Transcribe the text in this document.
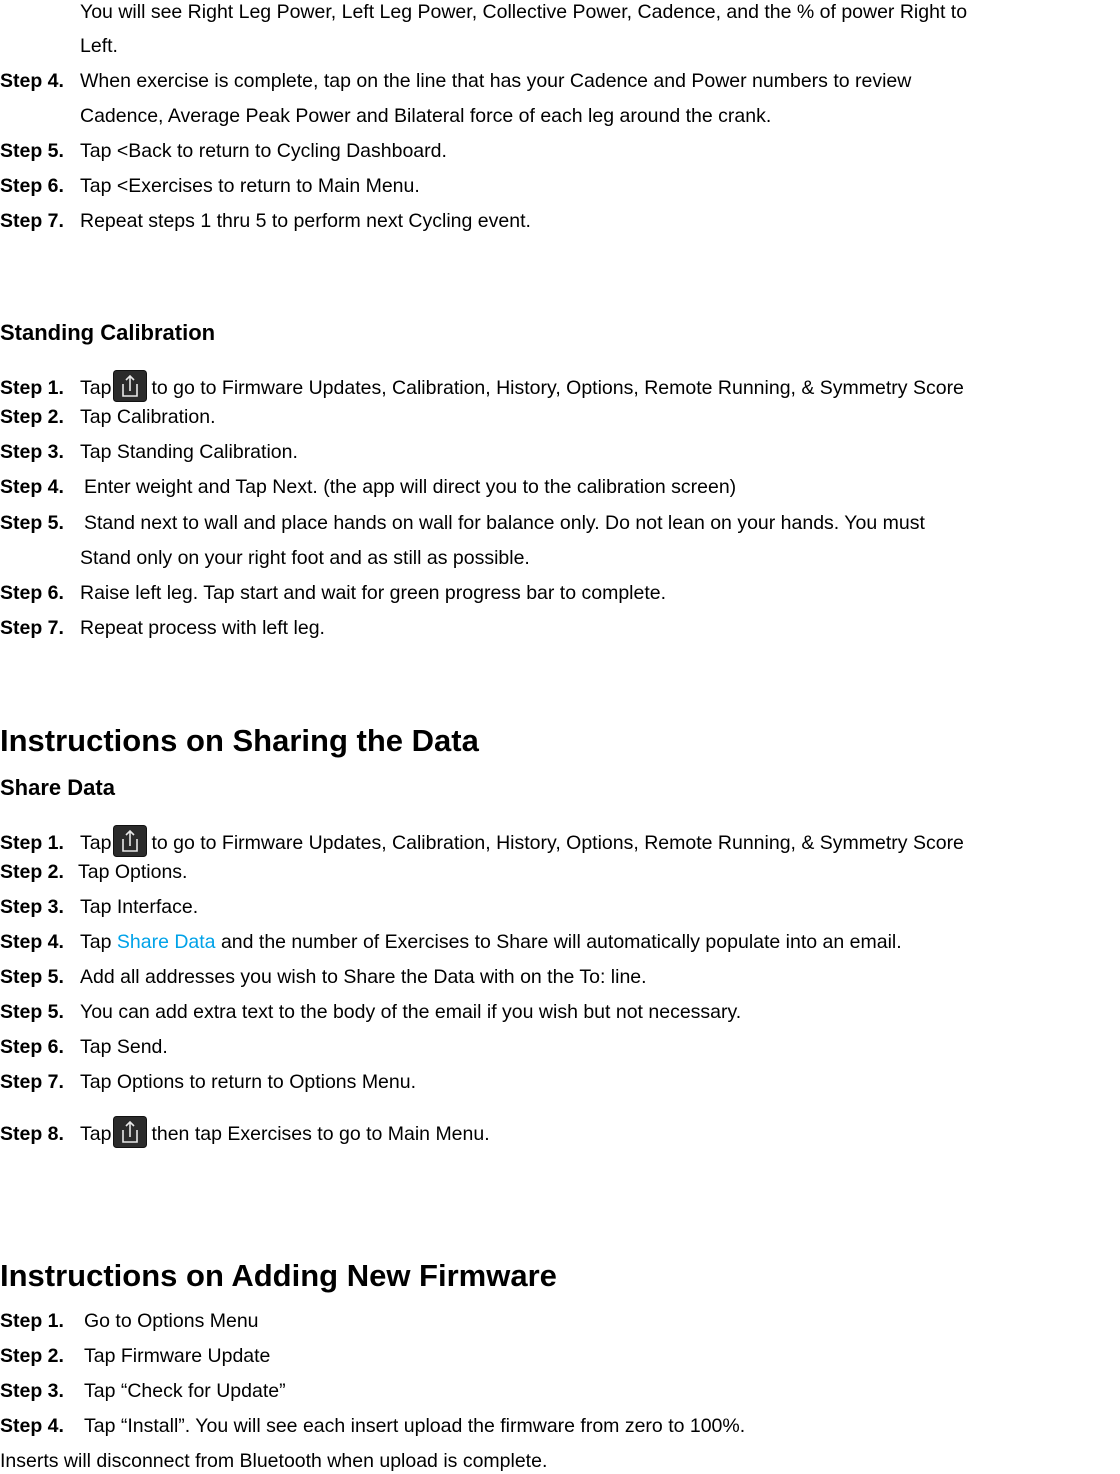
You will see Right Leg Power, Left Leg Power, Collective Power, Cadence, and the % of power Right to
Left.
Step 4. When exercise is complete, tap on the line that has your Cadence and Power numbers to review
Cadence, Average Peak Power and Bilateral force of each leg around the crank.
Step 5. Tap <Back to return to Cycling Dashboard.
Step 6. Tap <Exercises to return to Main Menu.
Step 7. Repeat steps 1 thru 5 to perform next Cycling event.
Standing Calibration
Step 1. Tap to go to Firmware Updates, Calibration, History, Options, Remote Running, & Symmetry Score
Step 2. Tap Calibration.
Step 3. Tap Standing Calibration.
Step 4. Enter weight and Tap Next. (the app will direct you to the calibration screen)
Step 5. Stand next to wall and place hands on wall for balance only. Do not lean on your hands. You must
Stand only on your right foot and as still as possible.
Step 6. Raise left leg. Tap start and wait for green progress bar to complete.
Step 7. Repeat process with left leg.
Instructions on Sharing the Data
Share Data
Step 1. Tap to go to Firmware Updates, Calibration, History, Options, Remote Running, & Symmetry Score
Step 2. Tap Options.
Step 3. Tap Interface.
Step 4. Tap Share Data and the number of Exercises to Share will automatically populate into an email.
Step 5. Add all addresses you wish to Share the Data with on the To: line.
Step 5. You can add extra text to the body of the email if you wish but not necessary.
Step 6. Tap Send.
Step 7. Tap Options to return to Options Menu.
Step 8. Tap then tap Exercises to go to Main Menu.
Instructions on Adding New Firmware
Step 1. Go to Options Menu
Step 2. Tap Firmware Update
Step 3. Tap “Check for Update”
Step 4. Tap “Install”. You will see each insert upload the firmware from zero to 100%.
Inserts will disconnect from Bluetooth when upload is complete.
